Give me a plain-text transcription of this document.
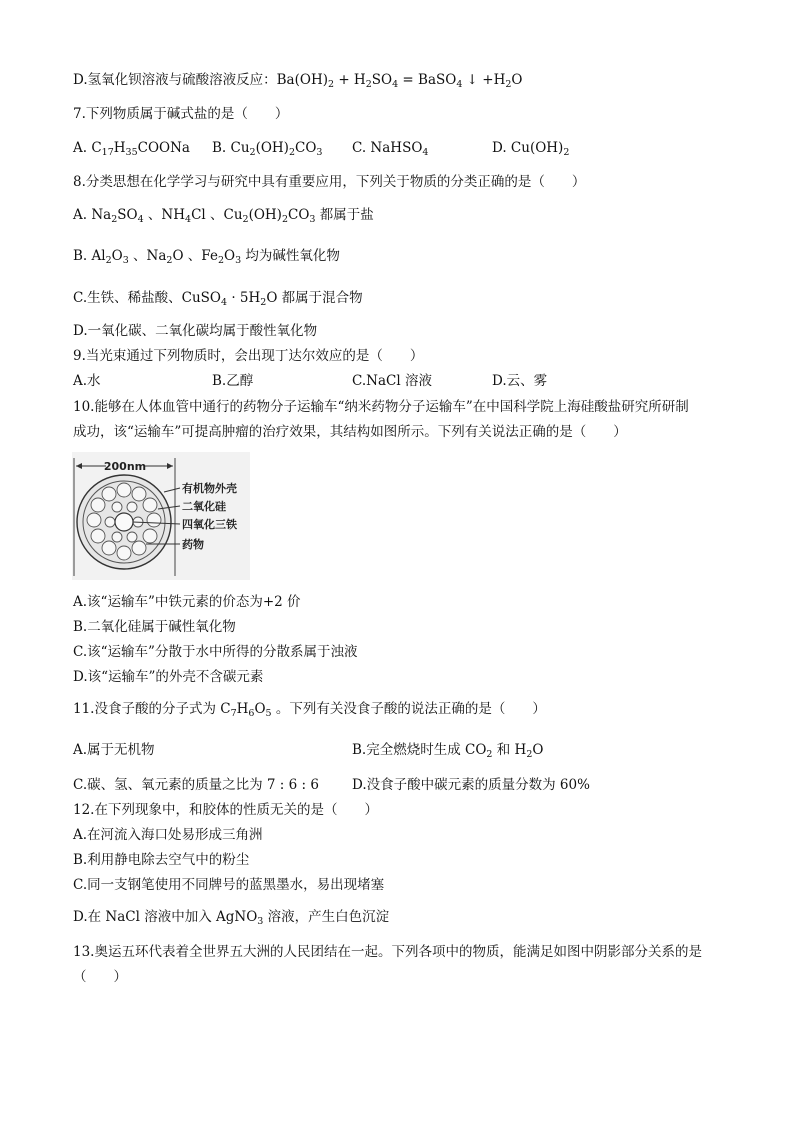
D.氢氧化钡溶液与硫酸溶液反应：$Ba(OH)_2 + H_2SO_4$ = BaSO$_4$ ↓ $+H_2O$
7.下列物质属于碱式盐的是（　　）
A. $C_{17}H_{35}COONa$ B. $Cu_2(OH)_2CO_3$ C. NaHSO$_4$	D. $Cu(OH)_2$
8.分类思想在化学学习与研究中具有重要应用，下列关于物质的分类正确的是（　　）
A. $Na_2SO_4$ 、$NH_4Cl$ 、$Cu_2(OH)_2CO_3$ 都属于盐
B. $Al_2O_3$ 、$Na_2O$ 、$Fe_2O_3$ 均为碱性氧化物
C.生铁、稀盐酸、CuSO$_4$ · $5H_2O$ 都属于混合物
D.一氧化碳、二氧化碳均属于酸性氧化物
9.当光束通过下列物质时，会出现丁达尔效应的是（　　）
A.水	B.乙醇	C.NaCl 溶液	D.云、雾
10.能够在人体血管中通行的药物分子运输车“纳米药物分子运输车”在中国科学院上海硅酸盐研究所研制
成功，该“运输车”可提高肿瘤的治疗效果，其结构如图所示。下列有关说法正确的是（　　）
200nm
有机物外壳
二氧化硅
四氧化三铁
药物
A.该“运输车”中铁元素的价态为+2 价
B.二氧化硅属于碱性氧化物
C.该“运输车”分散于水中所得的分散系属于浊液
D.该“运输车”的外壳不含碳元素
11.没食子酸的分子式为 $C_7H_6O_5$ 。下列有关没食子酸的说法正确的是（　　）
A.属于无机物	B.完全燃烧时生成 $CO_2$ 和 $H_2O$
C.碳、氢、氧元素的质量之比为 7 : 6 : 6 D.没食子酸中碳元素的质量分数为 60%
12.在下列现象中，和胶体的性质无关的是（　　）
A.在河流入海口处易形成三角洲
B.利用静电除去空气中的粉尘
C.同一支钢笔使用不同牌号的蓝黑墨水，易出现堵塞
D.在 NaCl 溶液中加入 AgNO$_3$ 溶液，产生白色沉淀
13.奥运五环代表着全世界五大洲的人民团结在一起。下列各项中的物质，能满足如图中阴影部分关系的是
（　　）
